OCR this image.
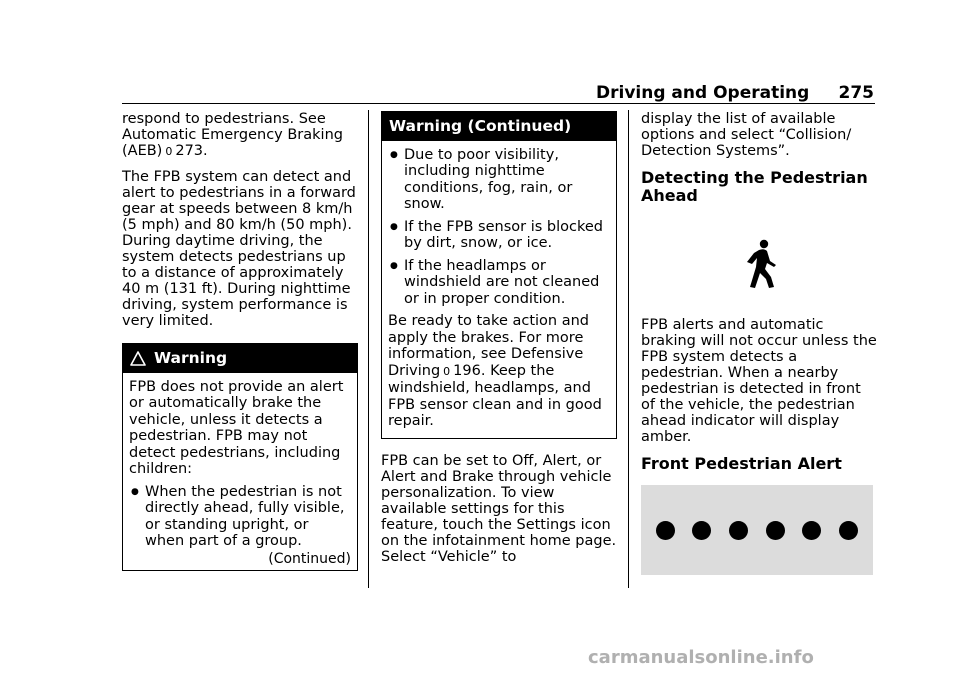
Driving and Operating 275

respond to pedestrians. See Automatic Emergency Braking (AEB) 0 273.

The FPB system can detect and alert to pedestrians in a forward gear at speeds between 8 km/h (5 mph) and 80 km/h (50 mph). During daytime driving, the system detects pedestrians up to a distance of approximately 40 m (131 ft). During nighttime driving, system performance is very limited.

Warning

FPB does not provide an alert or automatically brake the vehicle, unless it detects a pedestrian. FPB may not detect pedestrians, including children:

● When the pedestrian is not directly ahead, fully visible, or standing upright, or when part of a group.
(Continued)
Warning (Continued)
● Due to poor visibility, including nighttime conditions, fog, rain, or snow.
● If the FPB sensor is blocked by dirt, snow, or ice.
● If the headlamps or windshield are not cleaned or in proper condition.

Be ready to take action and apply the brakes. For more information, see Defensive Driving 0 196. Keep the windshield, headlamps, and FPB sensor clean and in good repair.

FPB can be set to Off, Alert, or Alert and Brake through vehicle personalization. To view available settings for this feature, touch the Settings icon on the infotainment home page. Select “Vehicle” to

display the list of available options and select “Collision/ Detection Systems”.

Detecting the Pedestrian Ahead

FPB alerts and automatic braking will not occur unless the FPB system detects a pedestrian. When a nearby pedestrian is detected in front of the vehicle, the pedestrian ahead indicator will display amber.

Front Pedestrian Alert
carmanualsonline.info
